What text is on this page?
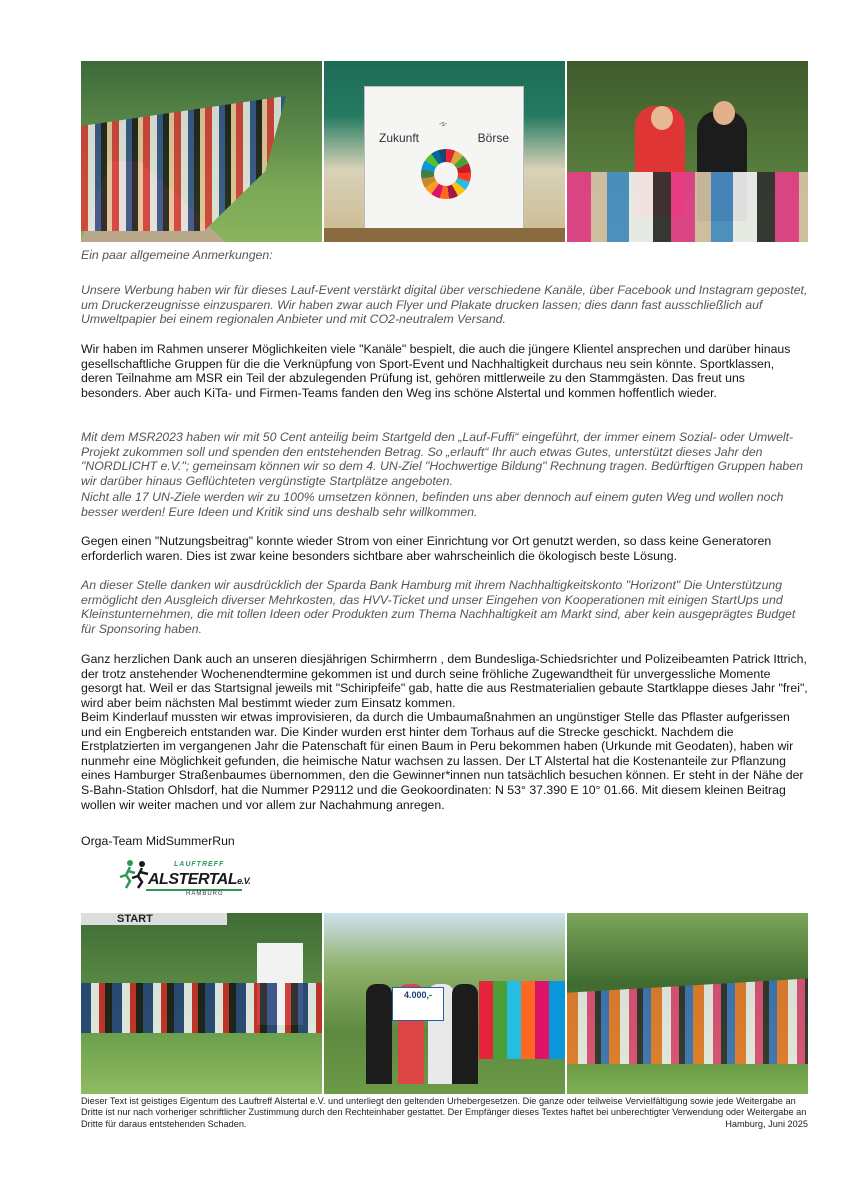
-s-
Zukunft	Börse

Ein paar allgemeine Anmerkungen:

Unsere Werbung haben wir für dieses Lauf-Event verstärkt digital über verschiedene Kanäle, über Facebook und Instagram gepostet, um Druckerzeugnisse einzusparen. Wir haben zwar auch Flyer und Plakate drucken lassen; dies dann fast ausschließlich auf Umweltpapier bei einem regionalen Anbieter und mit CO2-neutralem Versand.

Wir haben im Rahmen unserer Möglichkeiten viele "Kanäle" bespielt, die auch die jüngere Klientel ansprechen und darüber hinaus gesellschaftliche Gruppen für die die Verknüpfung von Sport-Event und Nachhaltigkeit durchaus neu sein könnte. Sportklassen, deren Teilnahme am MSR ein Teil der abzulegenden Prüfung ist, gehören mittlerweile zu den Stammgästen. Das freut uns besonders. Aber auch KiTa- und Firmen-Teams fanden den Weg ins schöne Alstertal und kommen hoffentlich wieder.

Mit dem MSR2023 haben wir mit 50 Cent anteilig beim Startgeld den „Lauf-Fuffi“ eingeführt, der immer einem Sozial- oder Umwelt-Projekt zukommen soll und spenden den entstehenden Betrag. So „erlauft“ Ihr auch etwas Gutes, unterstützt dieses Jahr den "NORDLICHT e.V."; gemeinsam können wir so dem 4. UN-Ziel "Hochwertige Bildung" Rechnung tragen. Bedürftigen Gruppen haben wir darüber hinaus Geflüchteten vergünstigte Startplätze angeboten.

Nicht alle 17 UN-Ziele werden wir zu 100% umsetzen können, befinden uns aber dennoch auf einem guten Weg und wollen noch besser werden! Eure Ideen und Kritik sind uns deshalb sehr willkommen.

Gegen einen "Nutzungsbeitrag" konnte wieder Strom von einer Einrichtung vor Ort genutzt werden, so dass keine Generatoren erforderlich waren. Dies ist zwar keine besonders sichtbare aber wahrscheinlich die ökologisch beste Lösung.

An dieser Stelle danken wir ausdrücklich der Sparda Bank Hamburg mit ihrem Nachhaltigkeitskonto "Horizont" Die Unterstützung ermöglicht den Ausgleich diverser Mehrkosten, das HVV-Ticket und unser Eingehen von Kooperationen mit einigen StartUps und Kleinstunternehmen, die mit tollen Ideen oder Produkten zum Thema Nachhaltigkeit am Markt sind, aber kein ausgeprägtes Budget für Sponsoring haben.

Ganz herzlichen Dank auch an unseren diesjährigen Schirmherrn , dem Bundesliga-Schiedsrichter und Polizeibeamten Patrick Ittrich, der trotz anstehender Wochenendtermine gekommen ist und durch seine fröhliche Zugewandtheit für unvergessliche Momente gesorgt hat. Weil er das Startsignal jeweils mit "Schiripfeife" gab, hatte die aus Restmaterialien gebaute Startklappe dieses Jahr "frei", wird aber beim nächsten Mal bestimmt wieder zum Einsatz kommen.

Beim Kinderlauf mussten wir etwas improvisieren, da durch die Umbaumaßnahmen an ungünstiger Stelle das Pflaster aufgerissen und ein Engbereich entstanden war. Die Kinder wurden erst hinter dem Torhaus auf die Strecke geschickt. Nachdem die Erstplatzierten im vergangenen Jahr die Patenschaft für einen Baum in Peru bekommen haben (Urkunde mit Geodaten), haben wir nunmehr eine Möglichkeit gefunden, die heimische Natur wachsen zu lassen. Der LT Alstertal hat die Kostenanteile zur Pflanzung eines Hamburger Straßenbaumes übernommen, den die Gewinner*innen nun tatsächlich besuchen können. Er steht in der Nähe der S-Bahn-Station Ohlsdorf, hat die Nummer P29112 und die Geokoordinaten: N 53° 37.390 E 10° 01.66. Mit diesem kleinen Beitrag wollen wir weiter machen und vor allem zur Nachahmung anregen.

Orga-Team MidSummerRun

LAUFTREFF
ALSTERTALe.V.
HAMBURG
START
4.000,-

Dieser Text ist geistiges Eigentum des Lauftreff Alstertal e.V. und unterliegt den geltenden Urhebergesetzen. Die ganze oder teilweise Vervielfältigung sowie jede Weitergabe an Dritte ist nur nach vorheriger schriftlicher Zustimmung durch den Rechteinhaber gestattet. Der Empfänger dieses Textes haftet bei unberechtigter Verwendung oder Weitergabe an Dritte für daraus entstehenden Schaden.	Hamburg, Juni 2025
